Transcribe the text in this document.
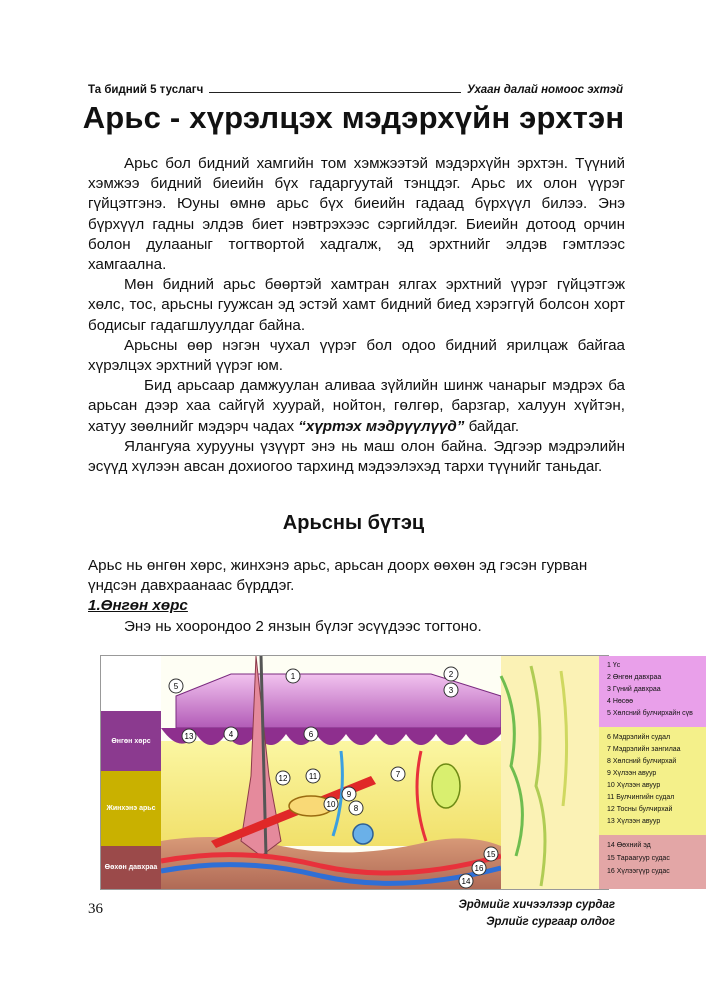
Та бидний 5 туслагч	Ухаан далай номоос эхтэй
Арьс - хүрэлцэх мэдэрхүйн эрхтэн

Арьс бол бидний хамгийн том хэмжээтэй мэдэрхүйн эрхтэн. Түүний хэмжээ бидний биеийн бүх гадаргуутай тэнцдэг. Арьс их олон үүрэг гүйцэтгэнэ. Юуны өмнө арьс бүх биеийн гадаад бүрхүүл билээ. Энэ бүрхүүл гадны элдэв биет нэвтрэхээс сэргийлдэг. Биеийн дотоод орчин болон дулааныг тогтвортой хадгалж, эд эрхтнийг элдэв гэмтлээс хамгаална.

Мөн бидний арьс бөөртэй хамтран ялгах эрхтний үүрэг гүйцэтгэж хөлс, тос, арьсны гуужсан эд эстэй хамт бидний биед хэрэггүй болсон хорт бодисыг гадагшлуулдаг байна.

Арьсны өөр нэгэн чухал үүрэг бол одоо бидний ярилцаж байгаа хүрэлцэх эрхтний үүрэг юм.

Бид арьсаар дамжуулан аливаа зүйлийн шинж чанарыг мэдрэх ба арьсан дээр хаа сайгүй хуурай, нойтон, гөлгөр, барзгар, халуун хүйтэн, хатуу зөөлнийг мэдэрч чадах “хүртэх мэдрүүлүүд” байдаг.

Ялангуяа хурууны үзүүрт энэ нь маш олон байна. Эдгээр мэдрэлийн эсүүд хүлээн авсан дохиогоо тархинд мэдээлэхэд тархи түүнийг таньдаг.

Арьсны бүтэц

Арьс нь өнгөн хөрс, жинхэнэ арьс, арьсан доорх өөхөн эд гэсэн гурван үндсэн давхраанаас бүрддэг.

1.Өнгөн хөрс

Энэ нь хоорондоо 2 янзын бүлэг эсүүдээс тогтоно.

1	2
3
4
5
6
7
8
9
10
11
12
13
14
15
16
Өнгөн хөрс
Жинхэнэ арьс
Өөхөн давхраа
1 Үс
2 Өнгөн давхраа
3 Гүний давхраа
4 Нөсөө
5 Хөлсний булчирхайн сүв
6 Мэдрэлийн судал
7 Мэдрэлийн зангилаа
8 Хөлсний булчирхай
9 Хүлээн авуур
10 Хүлээн авуур
11 Булчингийн судал
12 Тосны булчирхай
13 Хүлээн авуур
14 Өөхний эд
15 Тараагуур судас
16 Хүлээгүүр судас
36	Эрдмийг хичээлээр сурдаг
Эрлийг сургаар олдог
